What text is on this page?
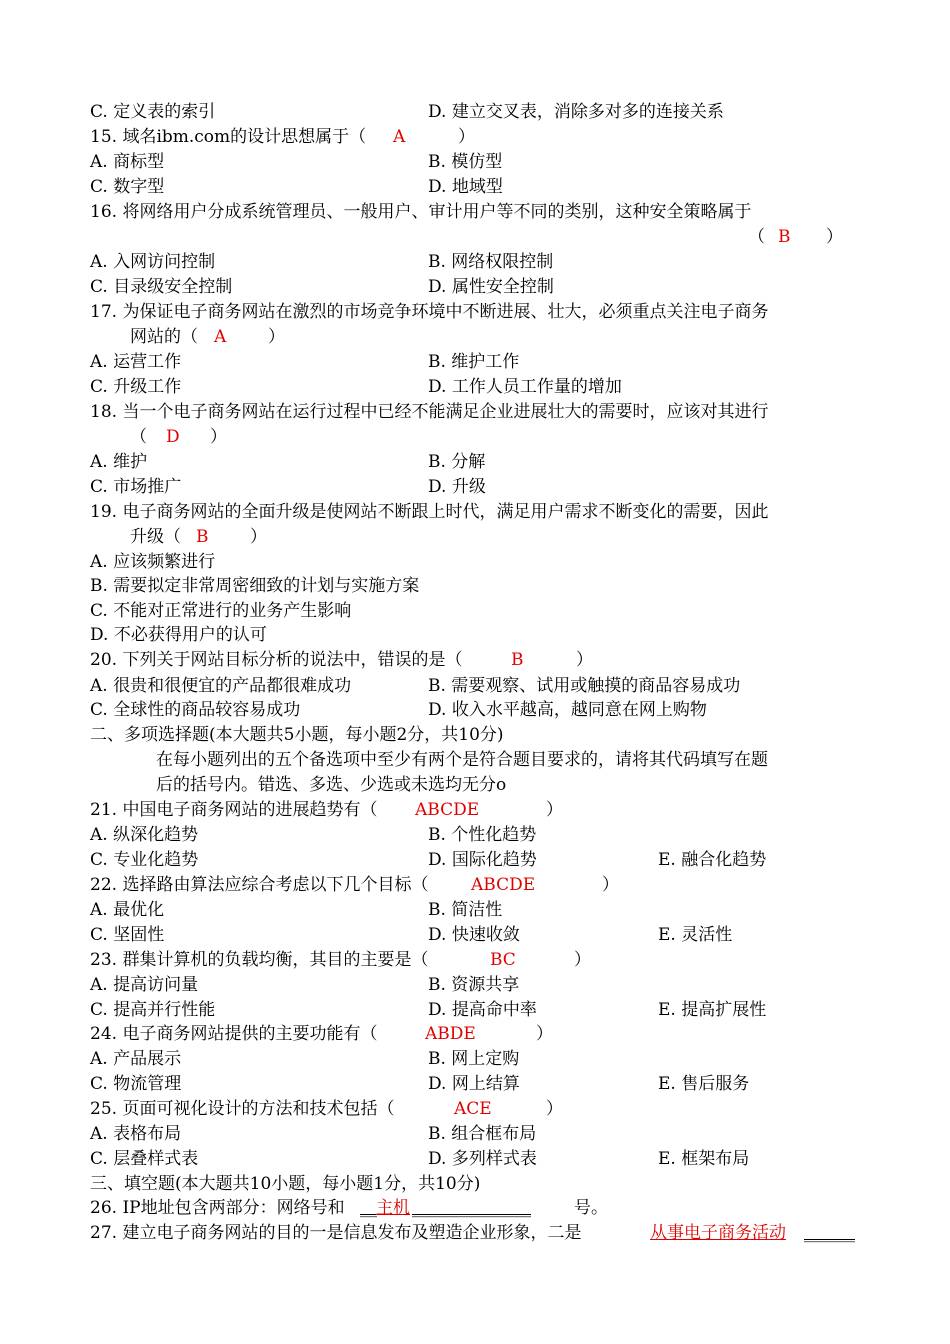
C. 定义表的索引	D. 建立交叉表，消除多对多的连接关系
15. 域名ibm.com的设计思想属于（ A	）
A. 商标型	B. 模仿型
C. 数字型	D. 地域型
16. 将网络用户分成系统管理员、一般用户、审计用户等不同的类别，这种安全策略属于
（ B ）
A. 入网访问控制	B. 网络权限控制
C. 目录级安全控制	D. 属性安全控制
17. 为保证电子商务网站在激烈的市场竞争环境中不断进展、壮大，必须重点关注电子商务
网站的（ A ）
A. 运营工作	B. 维护工作
C. 升级工作	D. 工作人员工作量的增加
18. 当一个电子商务网站在运行过程中已经不能满足企业进展壮大的需要时，应该对其进行
（ D ）
A. 维护	B. 分解
C. 市场推广	D. 升级
19. 电子商务网站的全面升级是使网站不断跟上时代，满足用户需求不断变化的需要，因此
升级（ B ）
A. 应该频繁进行
B. 需要拟定非常周密细致的计划与实施方案
C. 不能对正常进行的业务产生影响
D. 不必获得用户的认可
20. 下列关于网站目标分析的说法中，错误的是（	B	）
A. 很贵和很便宜的产品都很难成功	B. 需要观察、试用或触摸的商品容易成功
C. 全球性的商品较容易成功	D. 收入水平越高，越同意在网上购物
二、多项选择题(本大题共5小题，每小题2分，共10分)
在每小题列出的五个备选项中至少有两个是符合题目要求的，请将其代码填写在题
后的括号内。错选、多选、少选或未选均无分o
21. 中国电子商务网站的进展趋势有（ ABCDE	）
A. 纵深化趋势	B. 个性化趋势
C. 专业化趋势	D. 国际化趋势	E. 融合化趋势
22. 选择路由算法应综合考虑以下几个目标（	ABCDE	）
A. 最优化	B. 简洁性
C. 坚固性	D. 快速收敛	E. 灵活性
23. 群集计算机的负载均衡，其目的主要是（	BC	）
A. 提高访问量	B. 资源共享
C. 提高并行性能	D. 提高命中率	E. 提高扩展性
24. 电子商务网站提供的主要功能有（	ABDE	）
A. 产品展示	B. 网上定购
C. 物流管理	D. 网上结算	E. 售后服务
25. 页面可视化设计的方法和技术包括（	ACE	）
A. 表格布局	B. 组合框布局
C. 层叠样式表	D. 多列样式表	E. 框架布局
三、填空题(本大题共10小题，每小题1分，共10分)
26. IP地址包含两部分：网络号和 __ 主机 ______________	号。
27. 建立电子商务网站的目的一是信息发布及塑造企业形象，二是	从事电子商务活动 ______
